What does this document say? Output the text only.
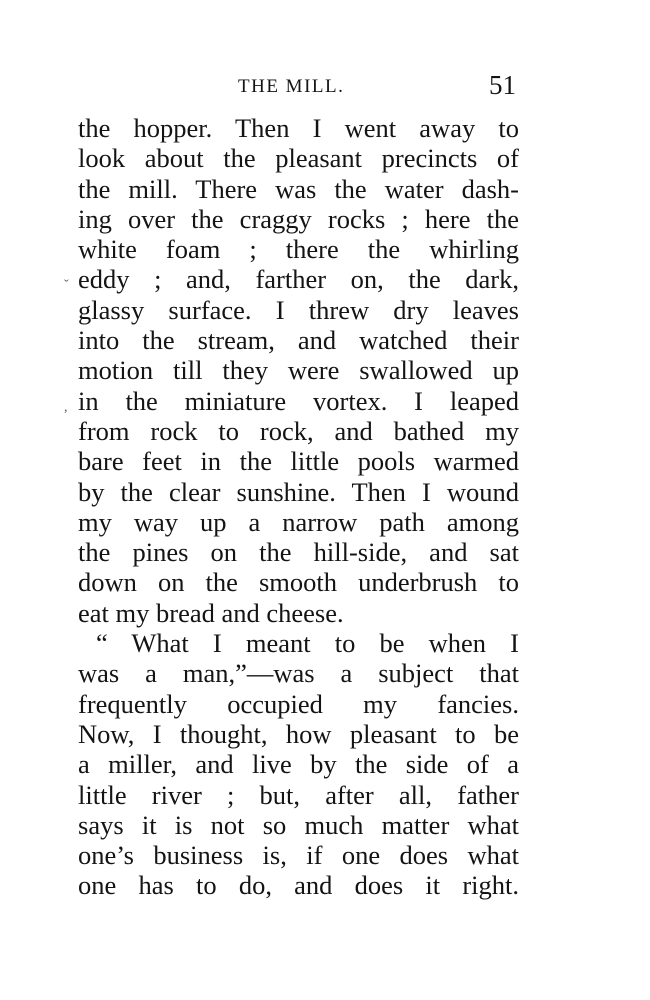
THE MILL.	51
ˇ
,
the hopper. Then I went away to
look about the pleasant precincts of
the mill. There was the water dash-
ing over the craggy rocks ; here the
white foam ; there the whirling
eddy ; and, farther on, the dark,
glassy surface. I threw dry leaves
into the stream, and watched their
motion till they were swallowed up
in the miniature vortex. I leaped
from rock to rock, and bathed my
bare feet in the little pools warmed
by the clear sunshine. Then I wound
my way up a narrow path among
the pines on the hill-side, and sat
down on the smooth underbrush to
eat my bread and cheese.
“ What I meant to be when I
was a man,”—was a subject that
frequently occupied my fancies.
Now, I thought, how pleasant to be
a miller, and live by the side of a
little river ; but, after all, father
says it is not so much matter what
one’s business is, if one does what
one has to do, and does it right.
